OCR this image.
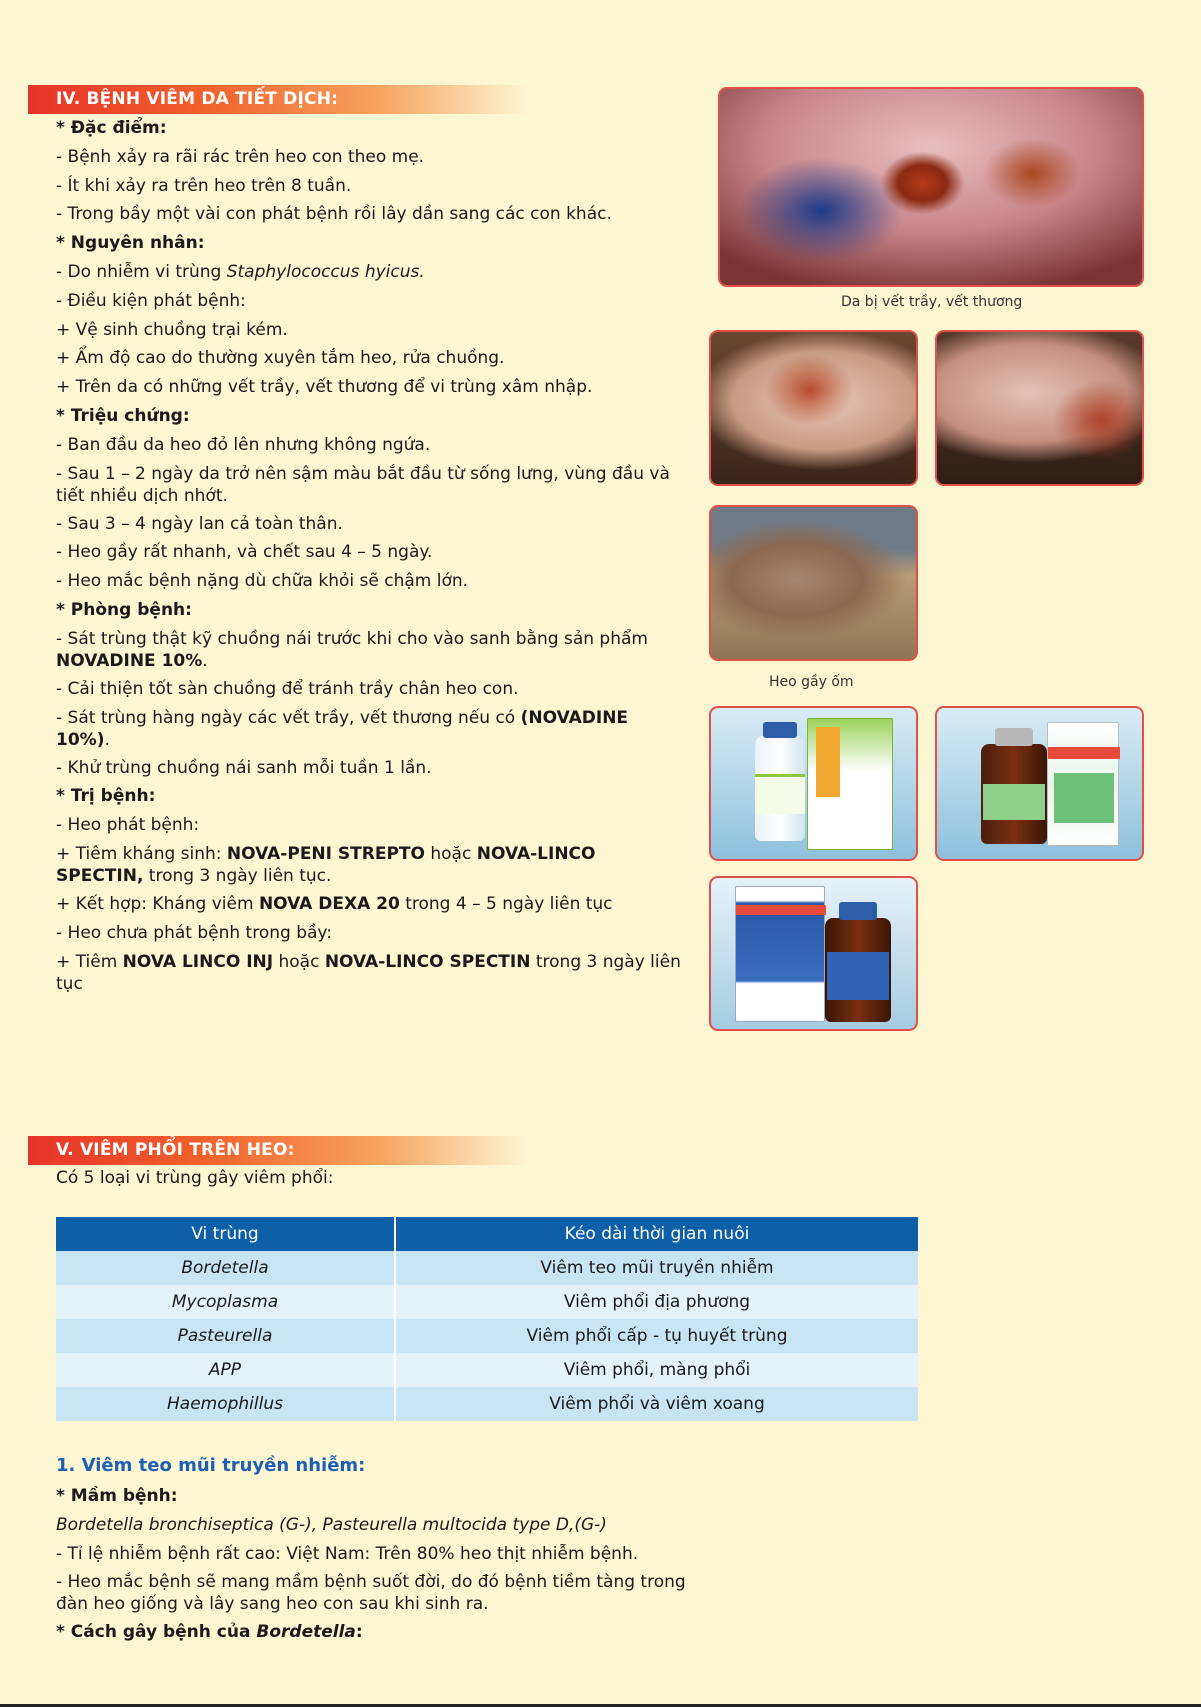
IV. BỆNH VIÊM DA TIẾT DỊCH:
* Đặc điểm:
- Bệnh xảy ra rãi rác trên heo con theo mẹ.
- Ít khi xảy ra trên heo trên 8 tuần.
- Trong bầy một vài con phát bệnh rồi lây dần sang các con khác.
* Nguyên nhân:
- Do nhiễm vi trùng Staphylococcus hyicus.
- Điều kiện phát bệnh:
+ Vệ sinh chuồng trại kém.
+ Ẩm độ cao do thường xuyên tắm heo, rửa chuồng.
+ Trên da có những vết trầy, vết thương để vi trùng xâm nhập.
* Triệu chứng:
- Ban đầu da heo đỏ lên nhưng không ngứa.
- Sau 1 – 2 ngày da trở nên sậm màu bắt đầu từ sống lưng, vùng đầu và tiết nhiều dịch nhớt.
- Sau 3 – 4 ngày lan cả toàn thân.
- Heo gầy rất nhanh, và chết sau 4 – 5 ngày.
- Heo mắc bệnh nặng dù chữa khỏi sẽ chậm lớn.
* Phòng bệnh:
- Sát trùng thật kỹ chuồng nái trước khi cho vào sanh bằng sản phẩm NOVADINE 10%.
- Cải thiện tốt sàn chuồng để tránh trầy chân heo con.
- Sát trùng hàng ngày các vết trầy, vết thương nếu có (NOVADINE 10%).
- Khử trùng chuồng nái sanh mỗi tuần 1 lần.
* Trị bệnh:
- Heo phát bệnh:
+ Tiêm kháng sinh: NOVA-PENI STREPTO hoặc NOVA-LINCO SPECTIN, trong 3 ngày liên tục.
+ Kết hợp: Kháng viêm NOVA DEXA 20 trong 4 – 5 ngày liên tục
- Heo chưa phát bệnh trong bầy:
+ Tiêm NOVA LINCO INJ hoặc NOVA-LINCO SPECTIN trong 3 ngày liên tục
Da bị vết trầy, vết thương
Heo gầy ốm
V. VIÊM PHỔI TRÊN HEO:
Có 5 loại vi trùng gây viêm phổi:
Vi trùng	Kéo dài thời gian nuôi
Bordetella	Viêm teo mũi truyền nhiễm
Mycoplasma	Viêm phổi địa phương
Pasteurella	Viêm phổi cấp - tụ huyết trùng
APP	Viêm phổi, màng phổi
Haemophillus	Viêm phổi và viêm xoang
1. Viêm teo mũi truyền nhiễm:
* Mầm bệnh:
Bordetella bronchiseptica (G-), Pasteurella multocida type D,(G-)
- Tỉ lệ nhiễm bệnh rất cao: Việt Nam: Trên 80% heo thịt nhiễm bệnh.
- Heo mắc bệnh sẽ mang mầm bệnh suốt đời, do đó bệnh tiềm tàng trong đàn heo giống và lây sang heo con sau khi sinh ra.
* Cách gây bệnh của Bordetella:
